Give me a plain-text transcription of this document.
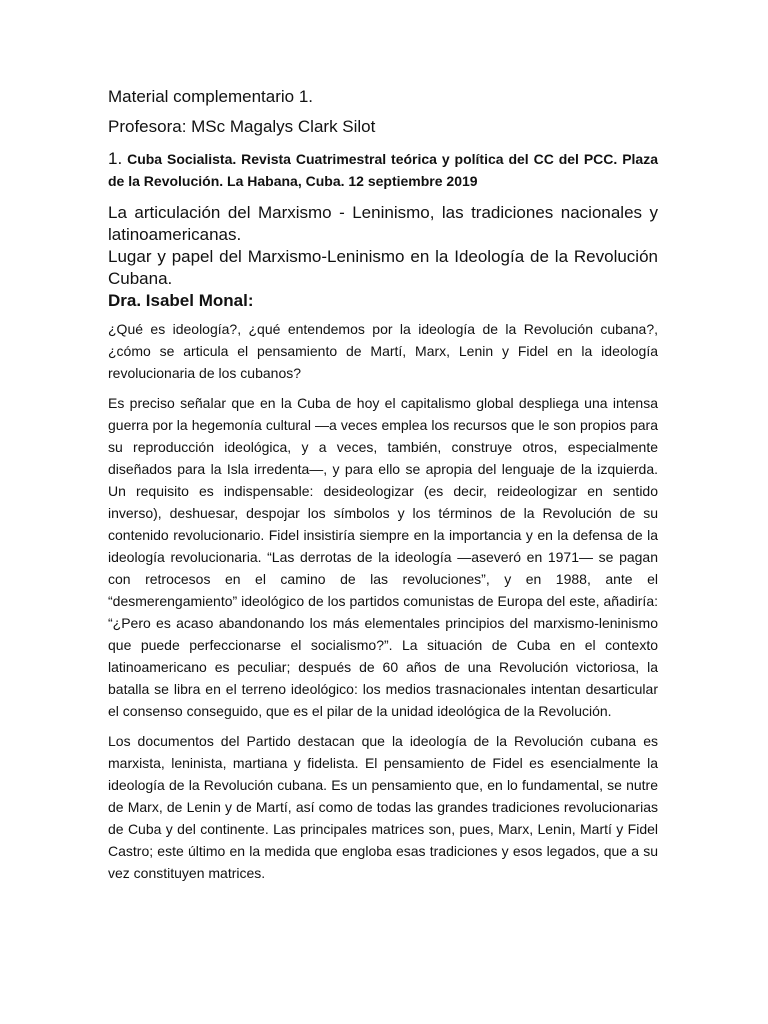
Material complementario 1.

Profesora: MSc Magalys Clark Silot

1. Cuba Socialista. Revista Cuatrimestral teórica y política del CC del PCC. Plaza de la Revolución. La Habana, Cuba. 12 septiembre 2019

La articulación del Marxismo - Leninismo, las tradiciones nacionales y latinoamericanas.

Lugar y papel del Marxismo-Leninismo en la Ideología de la Revolución Cubana.

Dra. Isabel Monal:

¿Qué es ideología?, ¿qué entendemos por la ideología de la Revolución cubana?, ¿cómo se articula el pensamiento de Martí, Marx, Lenin y Fidel en la ideología revolucionaria de los cubanos?

Es preciso señalar que en la Cuba de hoy el capitalismo global despliega una intensa guerra por la hegemonía cultural —a veces emplea los recursos que le son propios para su reproducción ideológica, y a veces, también, construye otros, especialmente diseñados para la Isla irredenta—, y para ello se apropia del lenguaje de la izquierda. Un requisito es indispensable: desideologizar (es decir, reideologizar en sentido inverso), deshuesar, despojar los símbolos y los términos de la Revolución de su contenido revolucionario. Fidel insistiría siempre en la importancia y en la defensa de la ideología revolucionaria. “Las derrotas de la ideología —aseveró en 1971— se pagan con retrocesos en el camino de las revoluciones”, y en 1988, ante el “desmerengamiento” ideológico de los partidos comunistas de Europa del este, añadiría: “¿Pero es acaso abandonando los más elementales principios del marxismo-leninismo que puede perfeccionarse el socialismo?”. La situación de Cuba en el contexto latinoamericano es peculiar; después de 60 años de una Revolución victoriosa, la batalla se libra en el terreno ideológico: los medios trasnacionales intentan desarticular el consenso conseguido, que es el pilar de la unidad ideológica de la Revolución.

Los documentos del Partido destacan que la ideología de la Revolución cubana es marxista, leninista, martiana y fidelista. El pensamiento de Fidel es esencialmente la ideología de la Revolución cubana. Es un pensamiento que, en lo fundamental, se nutre de Marx, de Lenin y de Martí, así como de todas las grandes tradiciones revolucionarias de Cuba y del continente. Las principales matrices son, pues, Marx, Lenin, Martí y Fidel Castro; este último en la medida que engloba esas tradiciones y esos legados, que a su vez constituyen matrices.
